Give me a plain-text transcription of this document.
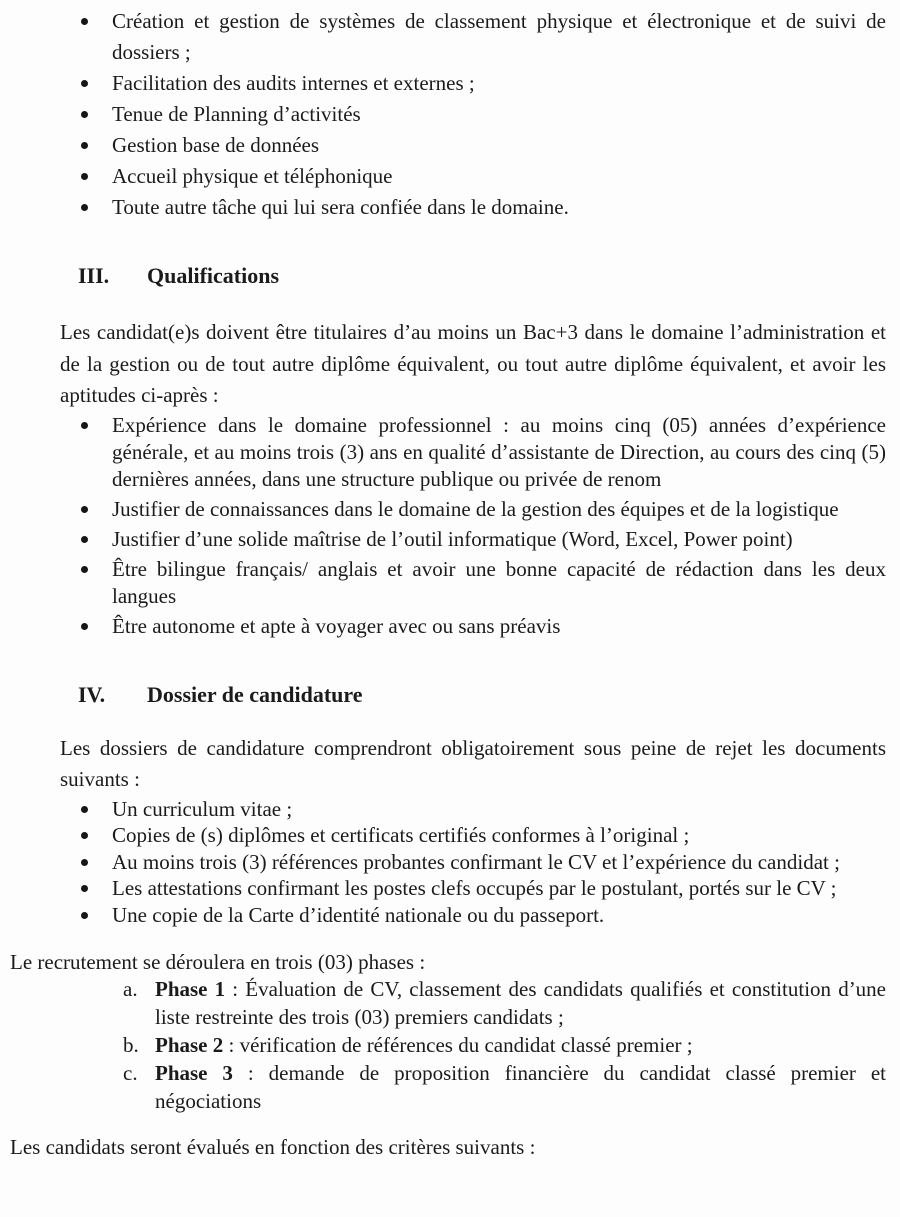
Création et gestion de systèmes de classement physique et électronique et de suivi de dossiers ;
Facilitation des audits internes et externes ;
Tenue de Planning d’activités
Gestion base de données
Accueil physique et téléphonique
Toute autre tâche qui lui sera confiée dans le domaine.
III.	Qualifications

Les candidat(e)s doivent être titulaires d’au moins un Bac+3 dans le domaine l’administration et de la gestion ou de tout autre diplôme équivalent, ou tout autre diplôme équivalent, et avoir les aptitudes ci-après :

Expérience dans le domaine professionnel : au moins cinq (05) années d’expérience générale, et au moins trois (3) ans en qualité d’assistante de Direction, au cours des cinq (5) dernières années, dans une structure publique ou privée de renom
Justifier de connaissances dans le domaine de la gestion des équipes et de la logistique
Justifier d’une solide maîtrise de l’outil informatique (Word, Excel, Power point)
Être bilingue français/ anglais et avoir une bonne capacité de rédaction dans les deux langues
Être autonome et apte à voyager avec ou sans préavis
IV.	Dossier de candidature

Les dossiers de candidature comprendront obligatoirement sous peine de rejet les documents suivants :

Un curriculum vitae ;
Copies de (s) diplômes et certificats certifiés conformes à l’original ;
Au moins trois (3) références probantes confirmant le CV et l’expérience du candidat ;
Les attestations confirmant les postes clefs occupés par le postulant, portés sur le CV ;
Une copie de la Carte d’identité nationale ou du passeport.

Le recrutement se déroulera en trois (03) phases :

a. Phase 1 : Évaluation de CV, classement des candidats qualifiés et constitution d’une liste restreinte des trois (03) premiers candidats ;
b. Phase 2 : vérification de références du candidat classé premier ;
c. Phase 3 : demande de proposition financière du candidat classé premier et négociations

Les candidats seront évalués en fonction des critères suivants :
